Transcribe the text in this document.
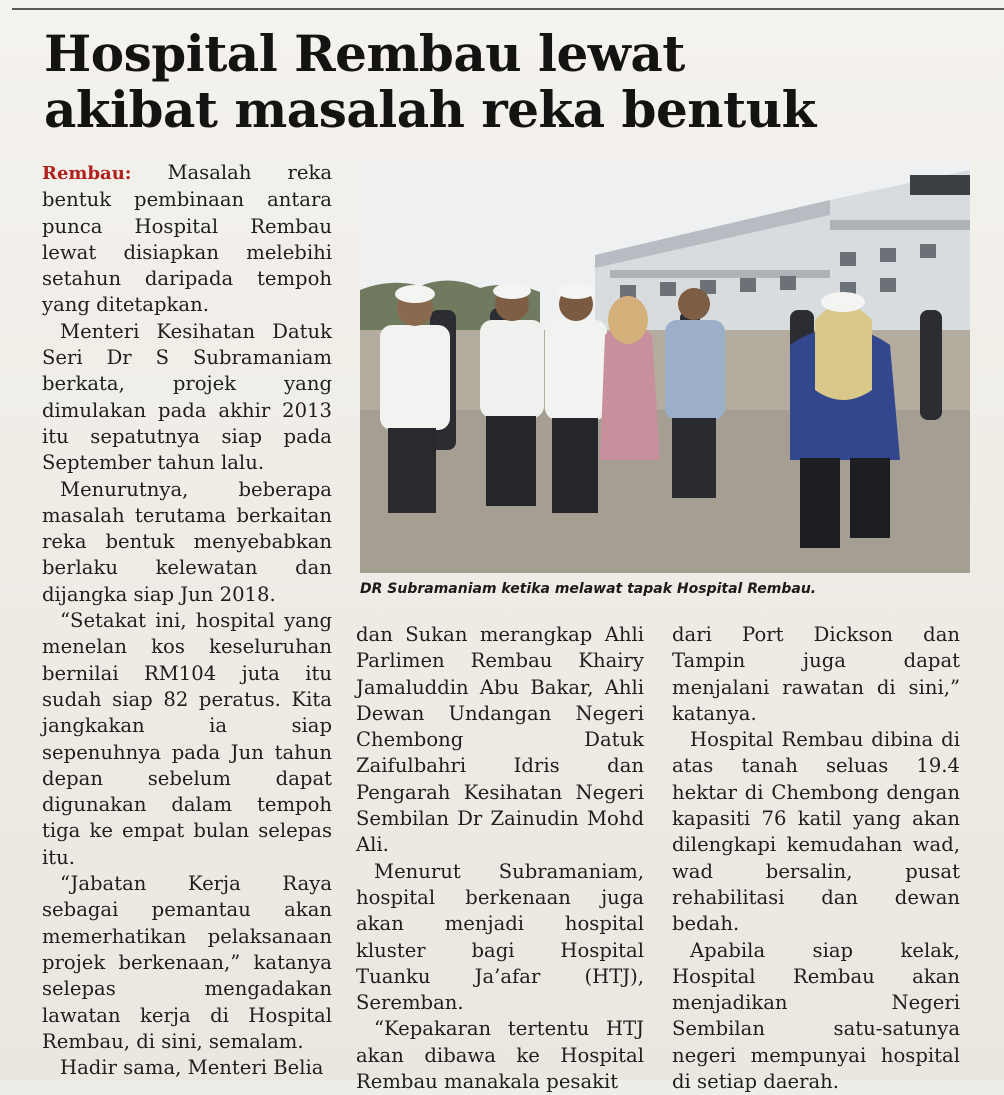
Hospital Rembau lewat
akibat masalah reka bentuk

Rembau: Masalah reka bentuk pembinaan antara punca Hospital Rembau lewat disiapkan melebihi setahun daripada tempoh yang ditetapkan.

Menteri Kesihatan Datuk Seri Dr S Subramaniam berkata, projek yang dimulakan pada akhir 2013 itu sepatutnya siap pada September tahun lalu.

Menurutnya, beberapa masalah terutama berkaitan reka bentuk menyebabkan berlaku kelewatan dan dijangka siap Jun 2018.

“Setakat ini, hospital yang menelan kos keseluruhan bernilai RM104 juta itu sudah siap 82 peratus. Kita jangkakan ia siap sepenuhnya pada Jun tahun depan sebelum dapat digunakan dalam tempoh tiga ke empat bulan selepas itu.

“Jabatan Kerja Raya sebagai pemantau akan memerhatikan pelaksanaan projek berkenaan,” katanya selepas mengadakan lawatan kerja di Hospital Rembau, di sini, semalam.

Hadir sama, Menteri Belia

DR Subramaniam ketika melawat tapak Hospital Rembau.

dan Sukan merangkap Ahli Parlimen Rembau Khairy Jamaluddin Abu Bakar, Ahli Dewan Undangan Negeri Chembong Datuk Zaifulbahri Idris dan Pengarah Kesihatan Negeri Sembilan Dr Zainudin Mohd Ali.

Menurut Subramaniam, hospital berkenaan juga akan menjadi hospital kluster bagi Hospital Tuanku Ja’afar (HTJ), Seremban.

“Kepakaran tertentu HTJ akan dibawa ke Hospital Rembau manakala pesakit

dari Port Dickson dan Tampin juga dapat menjalani rawatan di sini,” katanya.

Hospital Rembau dibina di atas tanah seluas 19.4 hektar di Chembong dengan kapasiti 76 katil yang akan dilengkapi kemudahan wad, wad bersalin, pusat rehabilitasi dan dewan bedah.

Apabila siap kelak, Hospital Rembau akan menjadikan Negeri Sembilan satu-satunya negeri mempunyai hospital di setiap daerah.
